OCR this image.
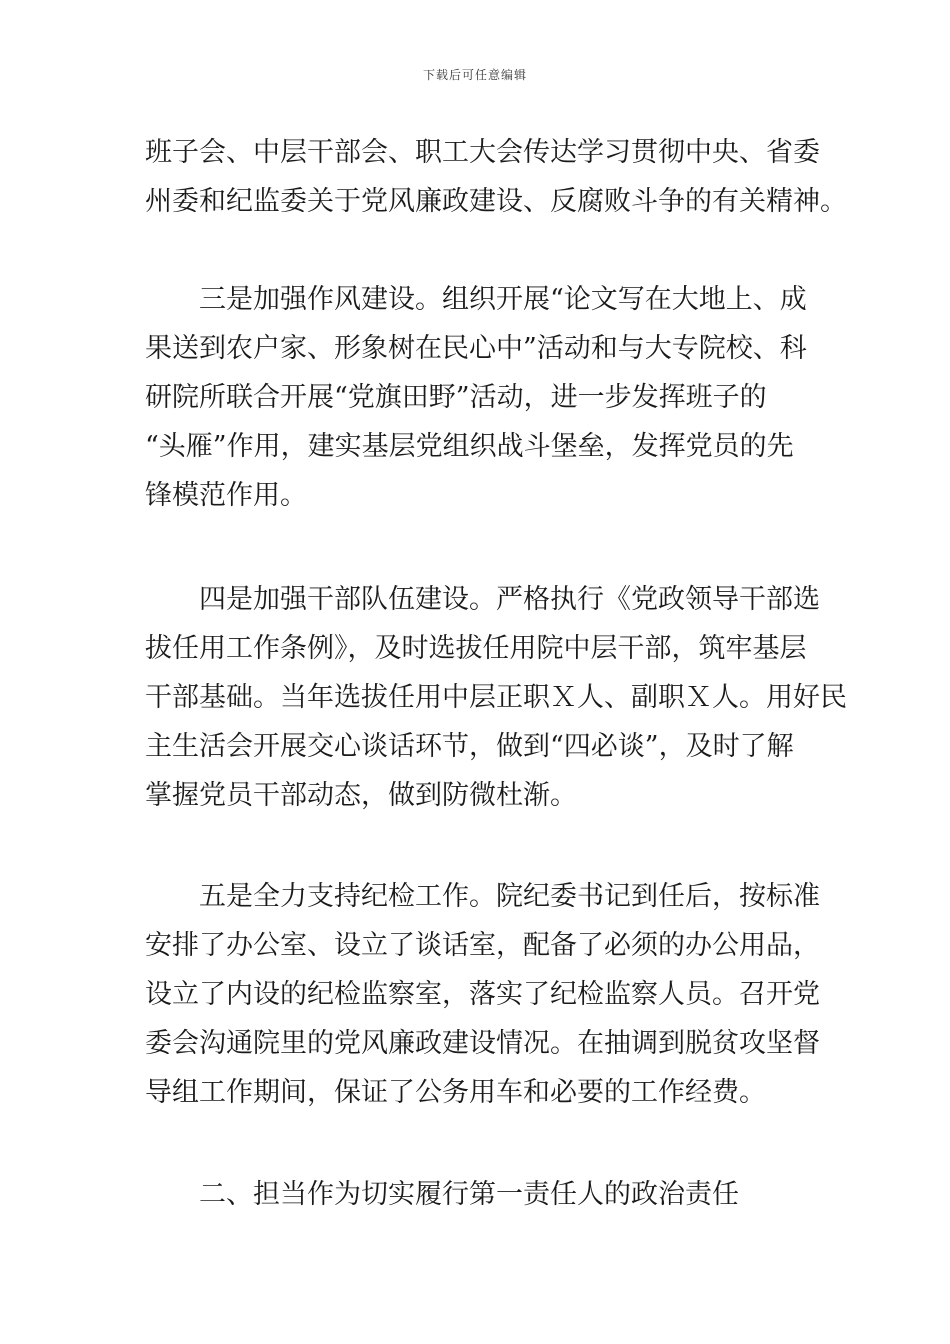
下载后可任意编辑

班子会、中层干部会、职工大会传达学习贯彻中央、省委
州委和纪监委关于党风廉政建设、反腐败斗争的有关精神。

三是加强作风建设。组织开展“论文写在大地上、成
果送到农户家、形象树在民心中”活动和与大专院校、科
研院所联合开展“党旗田野”活动，进一步发挥班子的
“头雁”作用，建实基层党组织战斗堡垒，发挥党员的先
锋模范作用。

四是加强干部队伍建设。严格执行《党政领导干部选
拔任用工作条例》，及时选拔任用院中层干部，筑牢基层
干部基础。当年选拔任用中层正职Ｘ人、副职Ｘ人。用好民
主生活会开展交心谈话环节，做到“四必谈”，及时了解
掌握党员干部动态，做到防微杜渐。

五是全力支持纪检工作。院纪委书记到任后，按标准
安排了办公室、设立了谈话室，配备了必须的办公用品，
设立了内设的纪检监察室，落实了纪检监察人员。召开党
委会沟通院里的党风廉政建设情况。在抽调到脱贫攻坚督
导组工作期间，保证了公务用车和必要的工作经费。

二、担当作为切实履行第一责任人的政治责任
